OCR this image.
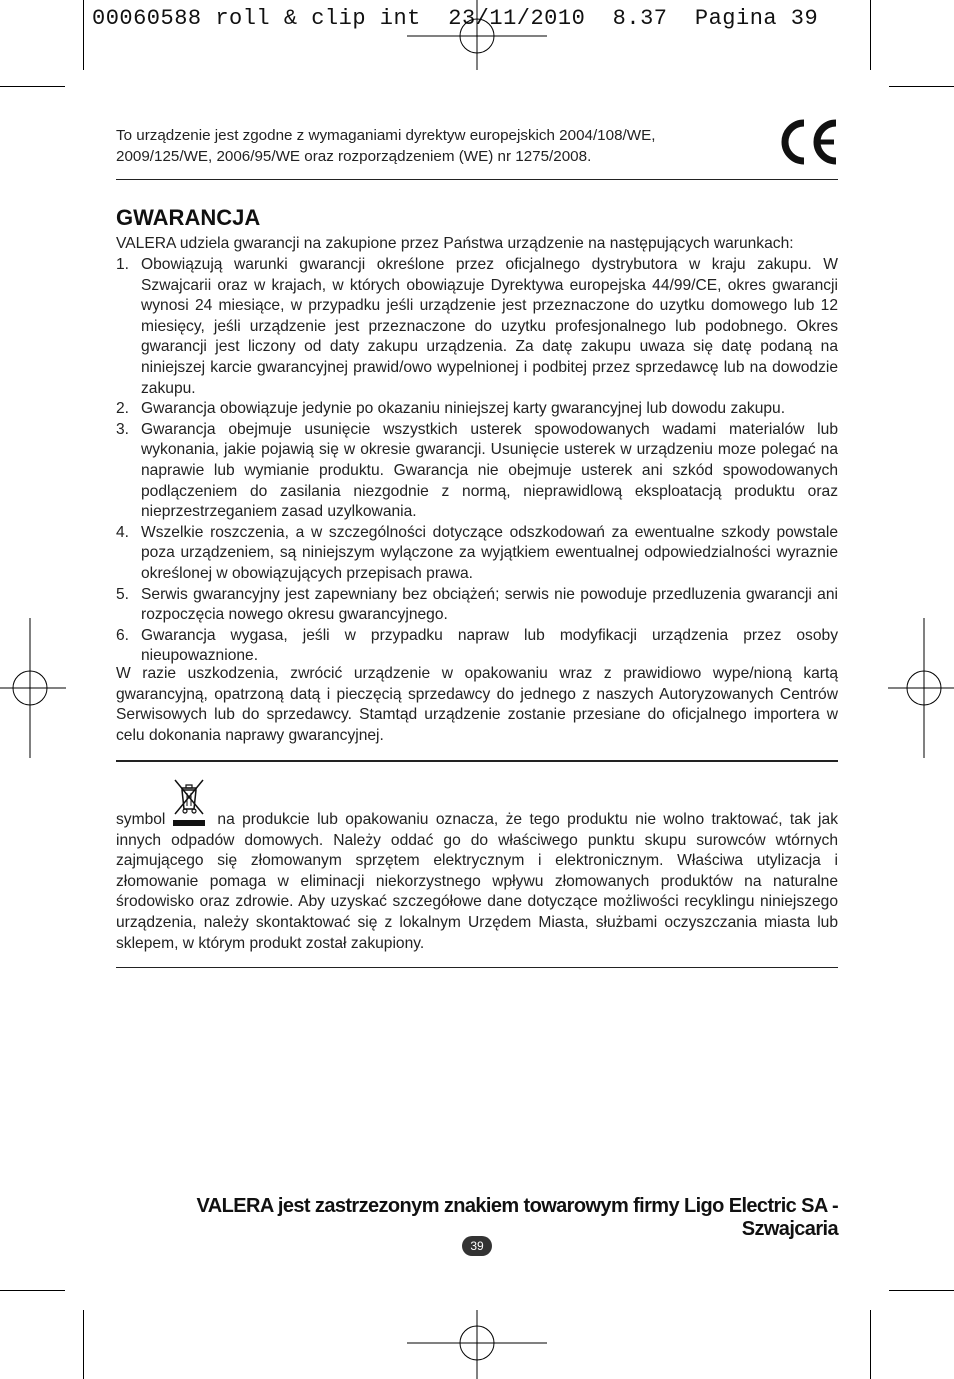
00060588 roll & clip int  23/11/2010  8.37  Pagina 39
To urządzenie jest zgodne z wymaganiami dyrektyw europejskich 2004/108/WE, 2009/125/WE, 2006/95/WE oraz rozporządzeniem (WE) nr 1275/2008.
GWARANCJA
VALERA udziela gwarancji na zakupione przez Państwa urządzenie na następujących warunkach:
1. Obowiązują warunki gwarancji określone przez oficjalnego dystrybutora w kraju zakupu. W Szwajcarii oraz w krajach, w których obowiązuje Dyrektywa europejska 44/99/CE, okres gwarancji wynosi 24 miesiące, w przypadku jeśli urządzenie jest przeznaczone do uzytku domowego lub 12 miesięcy, jeśli urządzenie jest przeznaczone do uzytku profesjonalnego lub podobnego. Okres gwarancji jest liczony od daty zakupu urządzenia. Za datę zakupu uwaza się datę podaną na niniejszej karcie gwarancyjnej prawid/owo wypelnionej i podbitej przez sprzedawcę lub na dowodzie zakupu.
2. Gwarancja obowiązuje jedynie po okazaniu niniejszej karty gwarancyjnej lub dowodu zakupu.
3. Gwarancja obejmuje usunięcie wszystkich usterek spowodowanych wadami materialów lub wykonania, jakie pojawią się w okresie gwarancji. Usunięcie usterek w urządzeniu moze polegać na naprawie lub wymianie produktu. Gwarancja nie obejmuje usterek ani szkód spowodowanych podlączeniem do zasilania niezgodnie z normą, nieprawidlową eksploatacją produktu oraz nieprzestrzeganiem zasad uzylkowania.
4. Wszelkie roszczenia, a w szczególności dotyczące odszkodowań za ewentualne szkody powstale poza urządzeniem, są niniejszym wylączone za wyjątkiem ewentualnej odpowiedzialności wyraznie określonej w obowiązujących przepisach prawa.
5. Serwis gwarancyjny jest zapewniany bez obciążeń; serwis nie powoduje przedluzenia gwarancji ani rozpoczęcia nowego okresu gwarancyjnego.
6. Gwarancja wygasa, jeśli w przypadku napraw lub modyfikacji urządzenia przez osoby nieupowaznione.
W razie uszkodzenia, zwrócić urządzenie w opakowaniu wraz z prawidiowo wype/nioną kartą gwarancyjną, opatrzoną datą i pieczęcią sprzedawcy do jednego z naszych Autoryzowanych Centrów Serwisowych lub do sprzedawcy. Stamtąd urządzenie zostanie przesiane do oficjalnego importera w celu dokonania naprawy gwarancyjnej.
symbol	na produkcie lub opakowaniu oznacza, że tego produktu nie wolno traktować, tak jak innych odpadów domowych. Należy oddać go do właściwego punktu skupu surowców wtórnych zajmującego się złomowanym sprzętem elektrycznym i elektronicznym. Właściwa utylizacja i złomowanie pomaga w eliminacji niekorzystnego wpływu złomowanych produktów na naturalne środowisko oraz zdrowie. Aby uzyskać szczegółowe dane dotyczące możliwości recyklingu niniejszego urządzenia, należy skontaktować się z lokalnym Urzędem Miasta, służbami oczyszczania miasta lub sklepem, w którym produkt został zakupiony.
VALERA jest zastrzezonym znakiem towarowym firmy Ligo Electric SA - Szwajcaria
39
